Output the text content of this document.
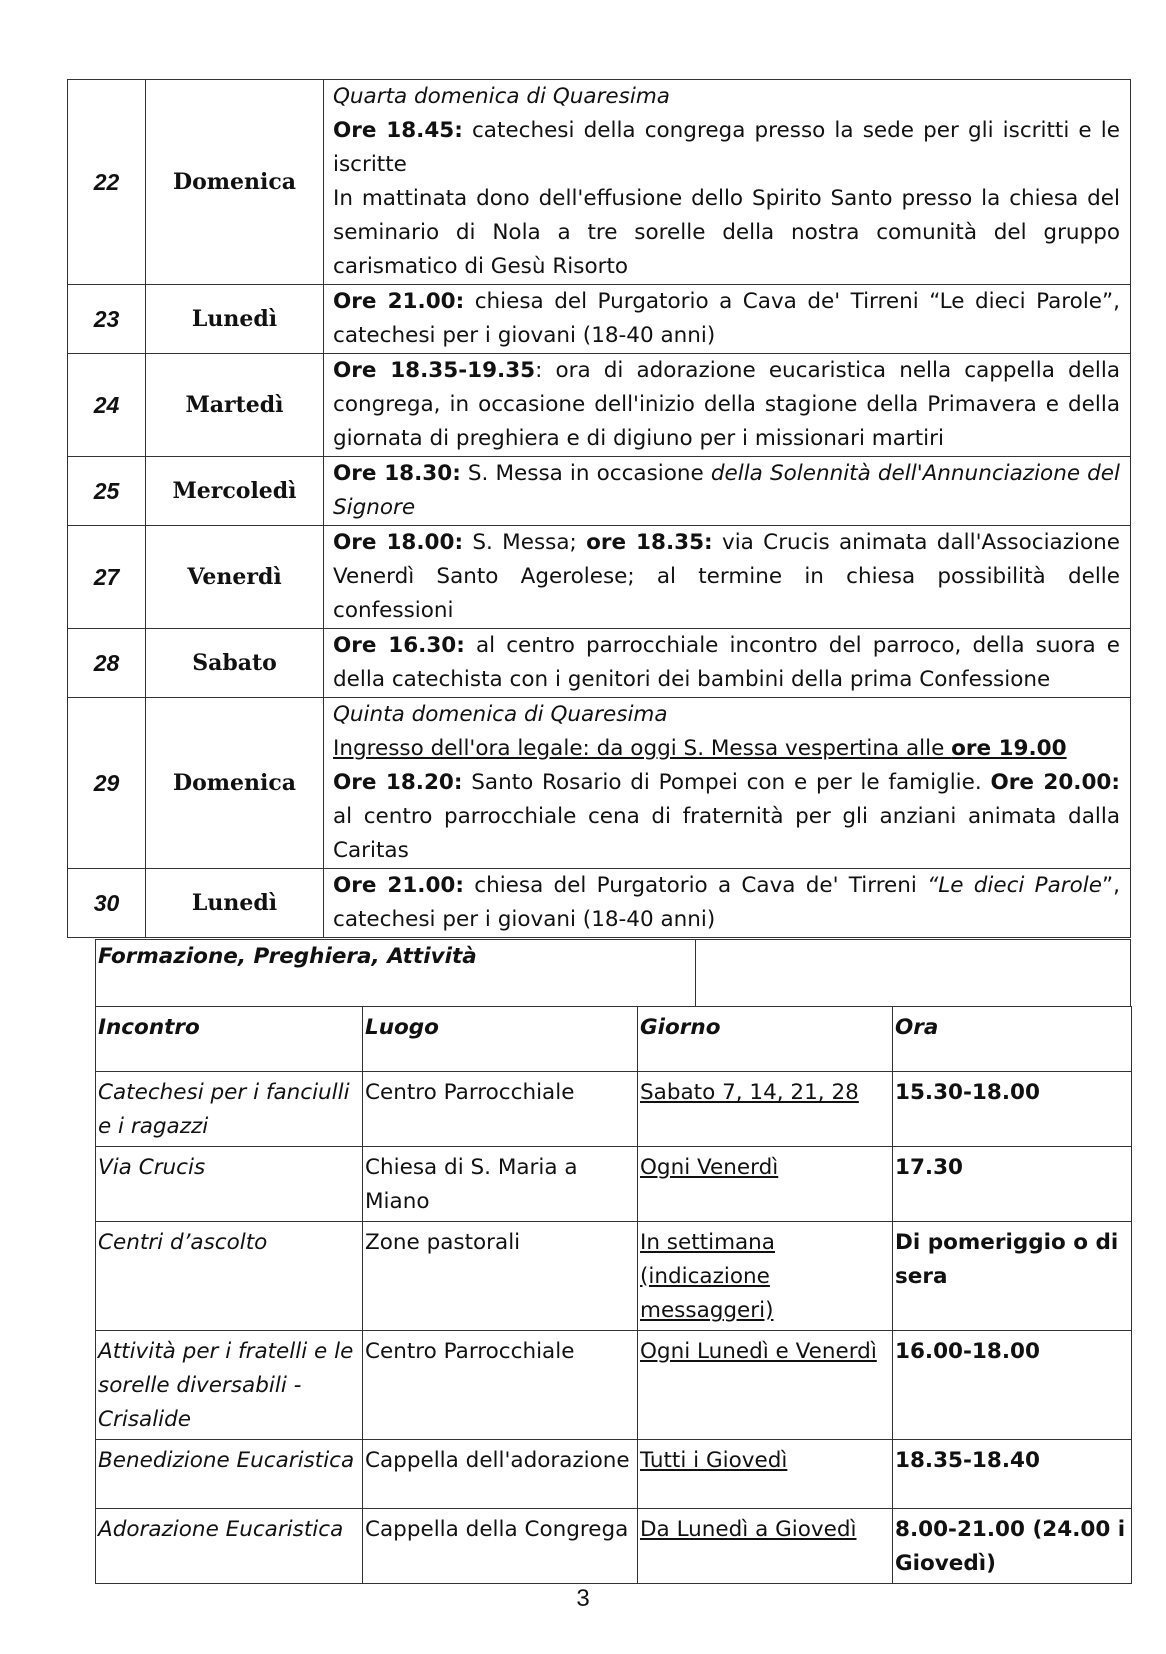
22	Domenica	Quarta domenica di Quaresima
Ore 18.45: catechesi della congrega presso la sede per gli iscritti e le iscritte
In mattinata dono dell'effusione dello Spirito Santo presso la chiesa del seminario di Nola a tre sorelle della nostra comunità del gruppo carismatico di Gesù Risorto

23	Lunedì	Ore 21.00: chiesa del Purgatorio a Cava de' Tirreni “Le dieci Parole”, catechesi per i giovani (18-40 anni)

24	Martedì	Ore 18.35-19.35: ora di adorazione eucaristica nella cappella della congrega, in occasione dell'inizio della stagione della Primavera e della giornata di preghiera e di digiuno per i missionari martiri

25	Mercoledì	Ore 18.30: S. Messa in occasione della Solennità dell'Annunciazione del Signore

27	Venerdì	Ore 18.00: S. Messa; ore 18.35: via Crucis animata dall'Associazione Venerdì Santo Agerolese; al termine in chiesa possibilità delle confessioni

28	Sabato	Ore 16.30: al centro parrocchiale incontro del parroco, della suora e della catechista con i genitori dei bambini della prima Confessione

29	Domenica	Quinta domenica di Quaresima
Ingresso dell'ora legale: da oggi S. Messa vespertina alle ore 19.00
Ore 18.20: Santo Rosario di Pompei con e per le famiglie. Ore 20.00: al centro parrocchiale cena di fraternità per gli anziani animata dalla Caritas

30	Lunedì	Ore 21.00: chiesa del Purgatorio a Cava de' Tirreni “Le dieci Parole”, catechesi per i giovani (18-40 anni)
Formazione, Preghiera, Attività
Incontro	Luogo	Giorno	Ora
Catechesi per i fanciulli e i ragazzi	Centro Parrocchiale	Sabato 7, 14, 21, 28	15.30-18.00
Via Crucis	Chiesa di S. Maria a Miano	Ogni Venerdì	17.30
Centri d’ascolto	Zone pastorali	In settimana (indicazione messaggeri)	Di pomeriggio o di sera
Attività per i fratelli e le sorelle diversabili - Crisalide	Centro Parrocchiale	Ogni Lunedì e Venerdì	16.00-18.00
Benedizione Eucaristica	Cappella dell'adorazione	Tutti i Giovedì	18.35-18.40
Adorazione Eucaristica	Cappella della Congrega	Da Lunedì a Giovedì	8.00-21.00 (24.00 i Giovedì)
3
